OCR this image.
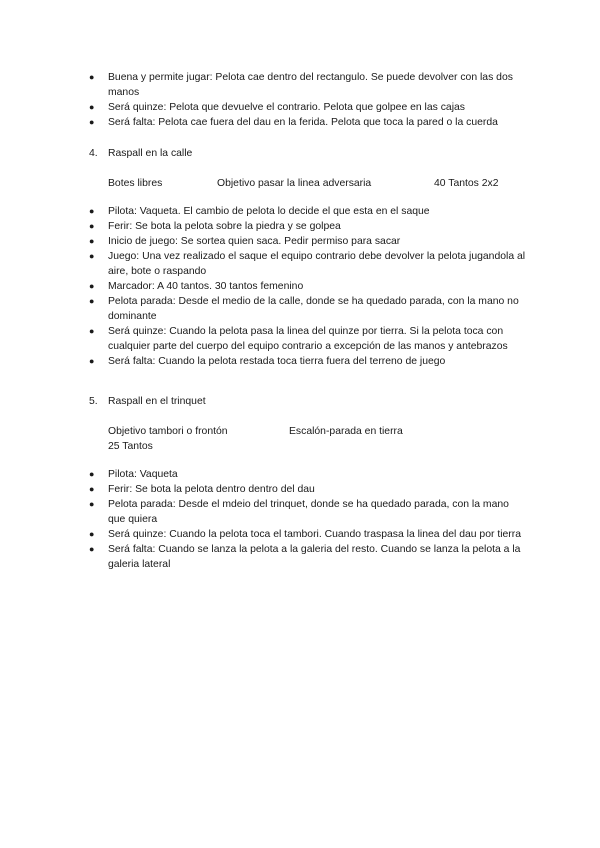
●	Buena y permite jugar: Pelota cae dentro del rectangulo. Se puede devolver con las dos manos
●	Será quinze: Pelota que devuelve el contrario. Pelota que golpee en las cajas
●	Será falta: Pelota cae fuera del dau en la ferida. Pelota que toca la pared o la cuerda
4. Raspall en la calle
Botes libres	Objetivo pasar la linea adversaria	40 Tantos 2x2
●	Pilota: Vaqueta. El cambio de pelota lo decide el que esta en el saque
●	Ferir: Se bota la pelota sobre la piedra y se golpea
●	Inicio de juego: Se sortea quien saca. Pedir permiso para sacar
●	Juego: Una vez realizado el saque el equipo contrario debe devolver la pelota jugandola al aire, bote o raspando
●	Marcador: A 40 tantos. 30 tantos femenino
●	Pelota parada: Desde el medio de la calle, donde se ha quedado parada, con la mano no dominante
●	Será quinze: Cuando la pelota pasa la linea del quinze por tierra. Si la pelota toca con cualquier parte del cuerpo del equipo contrario a excepción de las manos y antebrazos
●	Será falta: Cuando la pelota restada toca tierra fuera del terreno de juego
5. Raspall en el trinquet
Objetivo tambori o frontón	Escalón-parada en tierra
25 Tantos
●	Pilota: Vaqueta
●	Ferir: Se bota la pelota dentro dentro del dau
●	Pelota parada: Desde el mdeio del trinquet, donde se ha quedado parada, con la mano que quiera
●	Será quinze: Cuando la pelota toca el tambori. Cuando traspasa la linea del dau por tierra
●	Será falta: Cuando se lanza la pelota a la galeria del resto. Cuando se lanza la pelota a la galeria lateral
